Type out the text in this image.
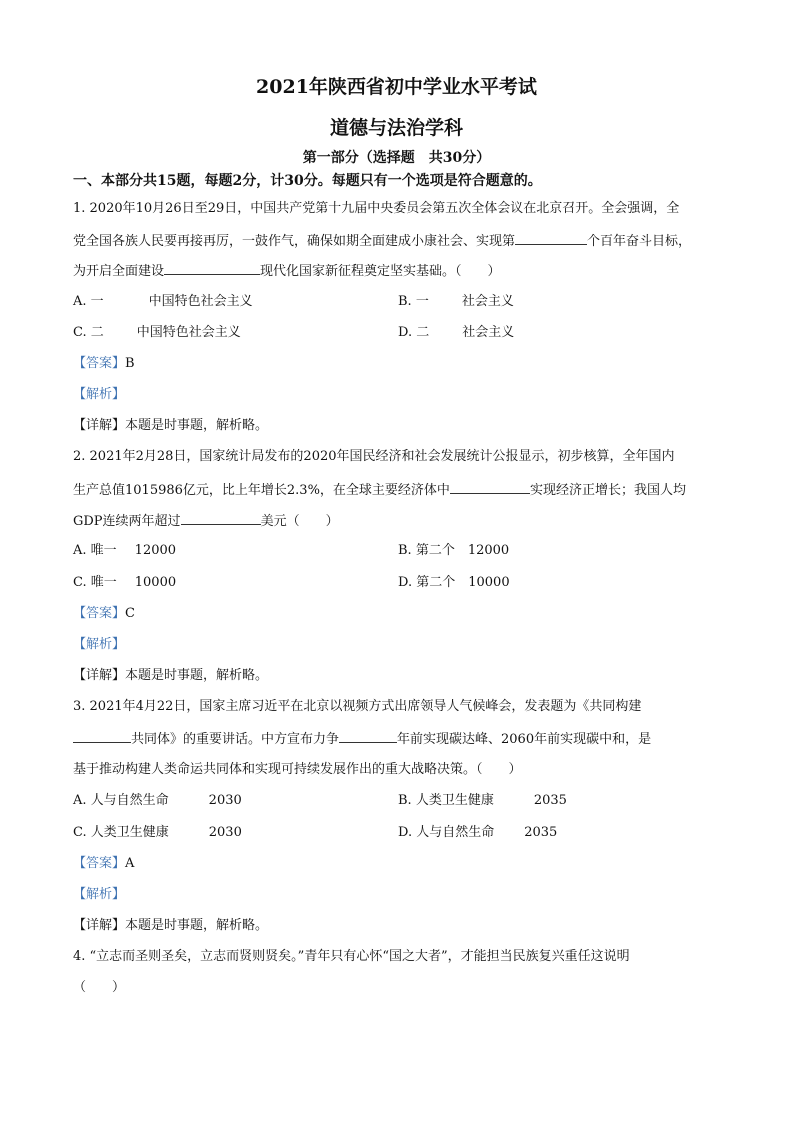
2021年陕西省初中学业水平考试
道德与法治学科
第一部分（选择题　共30分）
一、本部分共15题，每题2分，计30分。每题只有一个选项是符合题意的。
1. 2020年10月26日至29日，中国共产党第十九届中央委员会第五次全体会议在北京召开。全会强调，全
党全国各族人民要再接再厉，一鼓作气，确保如期全面建成小康社会、实现第	个百年奋斗目标，
为开启全面建设	现代化国家新征程奠定坚实基础。（　　）
A. 一	中国特色社会主义	B. 一	社会主义
C. 二	中国特色社会主义	D. 二	社会主义
【答案】B
【解析】
【详解】本题是时事题，解析略。
2. 2021年2月28日，国家统计局发布的2020年国民经济和社会发展统计公报显示，初步核算，全年国内
生产总值1015986亿元，比上年增长2.3%，在全球主要经济体中	实现经济正增长；我国人均
GDP连续两年超过	美元（　　）
A. 唯一 12000	B. 第二个 12000
C. 唯一 10000	D. 第二个 10000
【答案】C
【解析】
【详解】本题是时事题，解析略。
3. 2021年4月22日，国家主席习近平在北京以视频方式出席领导人气候峰会，发表题为《共同构建
共同体》的重要讲话。中方宣布力争	年前实现碳达峰、2060年前实现碳中和，是
基于推动构建人类命运共同体和实现可持续发展作出的重大战略决策。（　　）
A. 人与自然生命	2030	B. 人类卫生健康	2035
C. 人类卫生健康	2030	D. 人与自然生命 2035
【答案】A
【解析】
【详解】本题是时事题，解析略。
4. “立志而圣则圣矣，立志而贤则贤矣。”青年只有心怀“国之大者”，才能担当民族复兴重任这说明
（　　）
